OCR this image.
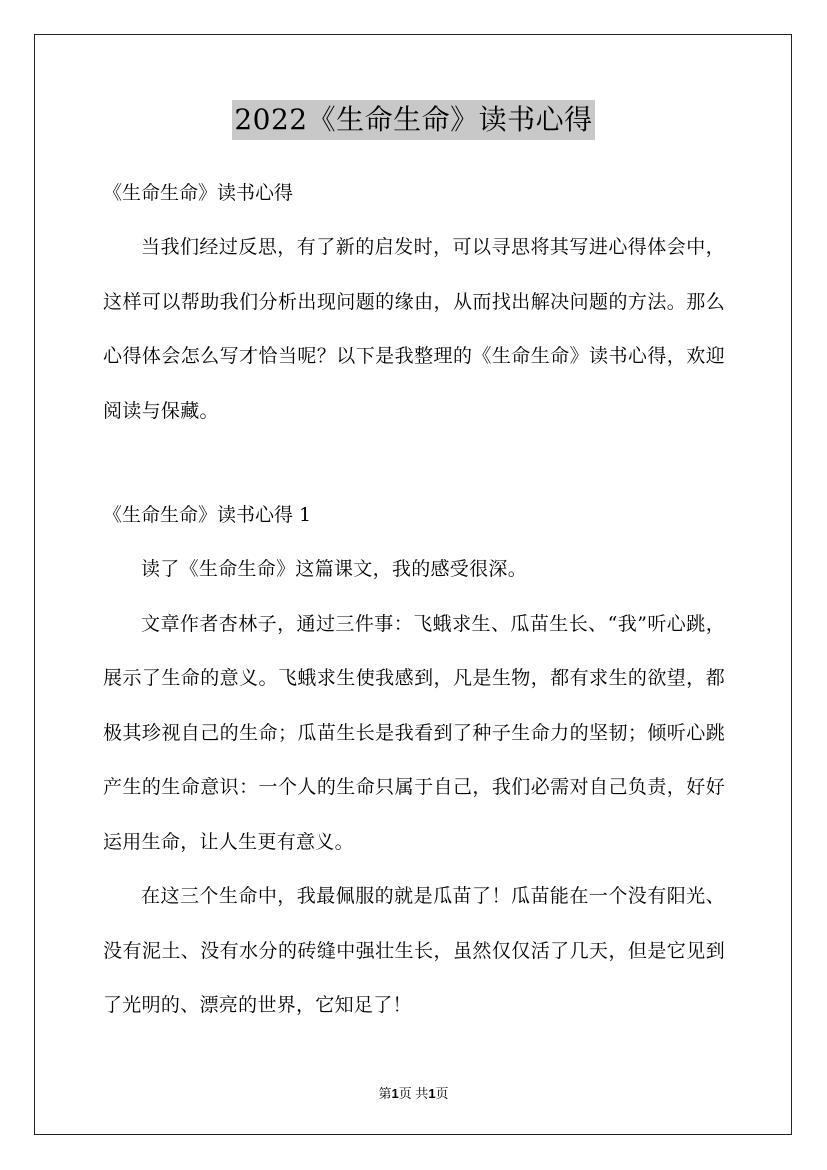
2022《生命生命》读书心得

《生命生命》读书心得

当我们经过反思，有了新的启发时，可以寻思将其写进心得体会中，这样可以帮助我们分析出现问题的缘由，从而找出解决问题的方法。那么心得体会怎么写才恰当呢？以下是我整理的《生命生命》读书心得，欢迎阅读与保藏。

《生命生命》读书心得 1

读了《生命生命》这篇课文，我的感受很深。

文章作者杏林子，通过三件事：飞蛾求生、瓜苗生长、“我”听心跳，展示了生命的意义。飞蛾求生使我感到，凡是生物，都有求生的欲望，都极其珍视自己的生命；瓜苗生长是我看到了种子生命力的坚韧；倾听心跳产生的生命意识：一个人的生命只属于自己，我们必需对自己负责，好好运用生命，让人生更有意义。

在这三个生命中，我最佩服的就是瓜苗了！瓜苗能在一个没有阳光、没有泥土、没有水分的砖缝中强壮生长，虽然仅仅活了几天，但是它见到了光明的、漂亮的世界，它知足了！

第1页 共1页
